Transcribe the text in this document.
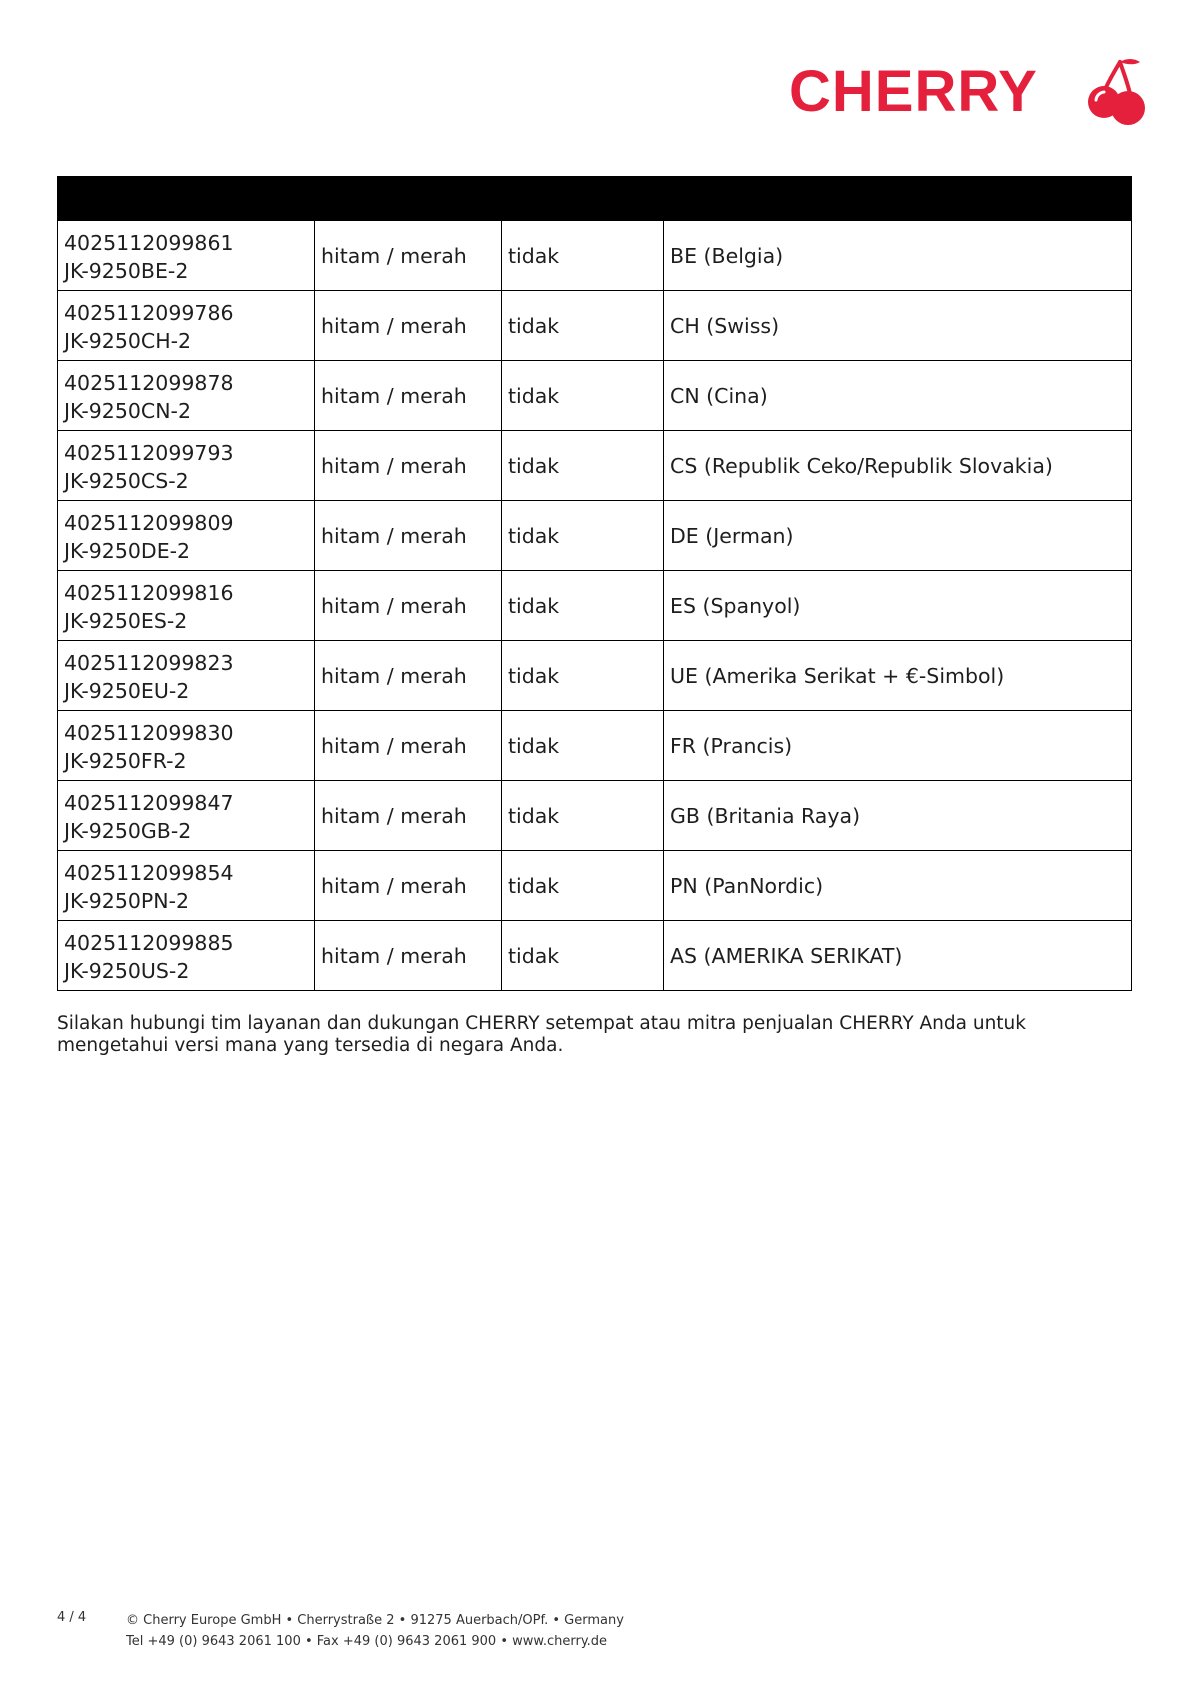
CHERRY

4025112099861
JK-9250BE-2	hitam / merah	tidak	BE (Belgia)

4025112099786
JK-9250CH-2	hitam / merah	tidak	CH (Swiss)

4025112099878
JK-9250CN-2	hitam / merah	tidak	CN (Cina)

4025112099793
JK-9250CS-2	hitam / merah	tidak	CS (Republik Ceko/Republik Slovakia)

4025112099809
JK-9250DE-2	hitam / merah	tidak	DE (Jerman)

4025112099816
JK-9250ES-2	hitam / merah	tidak	ES (Spanyol)

4025112099823
JK-9250EU-2	hitam / merah	tidak	UE (Amerika Serikat + €-Simbol)

4025112099830
JK-9250FR-2	hitam / merah	tidak	FR (Prancis)

4025112099847
JK-9250GB-2	hitam / merah	tidak	GB (Britania Raya)

4025112099854
JK-9250PN-2	hitam / merah	tidak	PN (PanNordic)

4025112099885
JK-9250US-2	hitam / merah	tidak	AS (AMERIKA SERIKAT)
Silakan hubungi tim layanan dan dukungan CHERRY setempat atau mitra penjualan CHERRY Anda untuk mengetahui versi mana yang tersedia di negara Anda.
4 / 4	© Cherry Europe GmbH • Cherrystraße 2 • 91275 Auerbach/OPf. • Germany
Tel +49 (0) 9643 2061 100 • Fax +49 (0) 9643 2061 900 • www.cherry.de
